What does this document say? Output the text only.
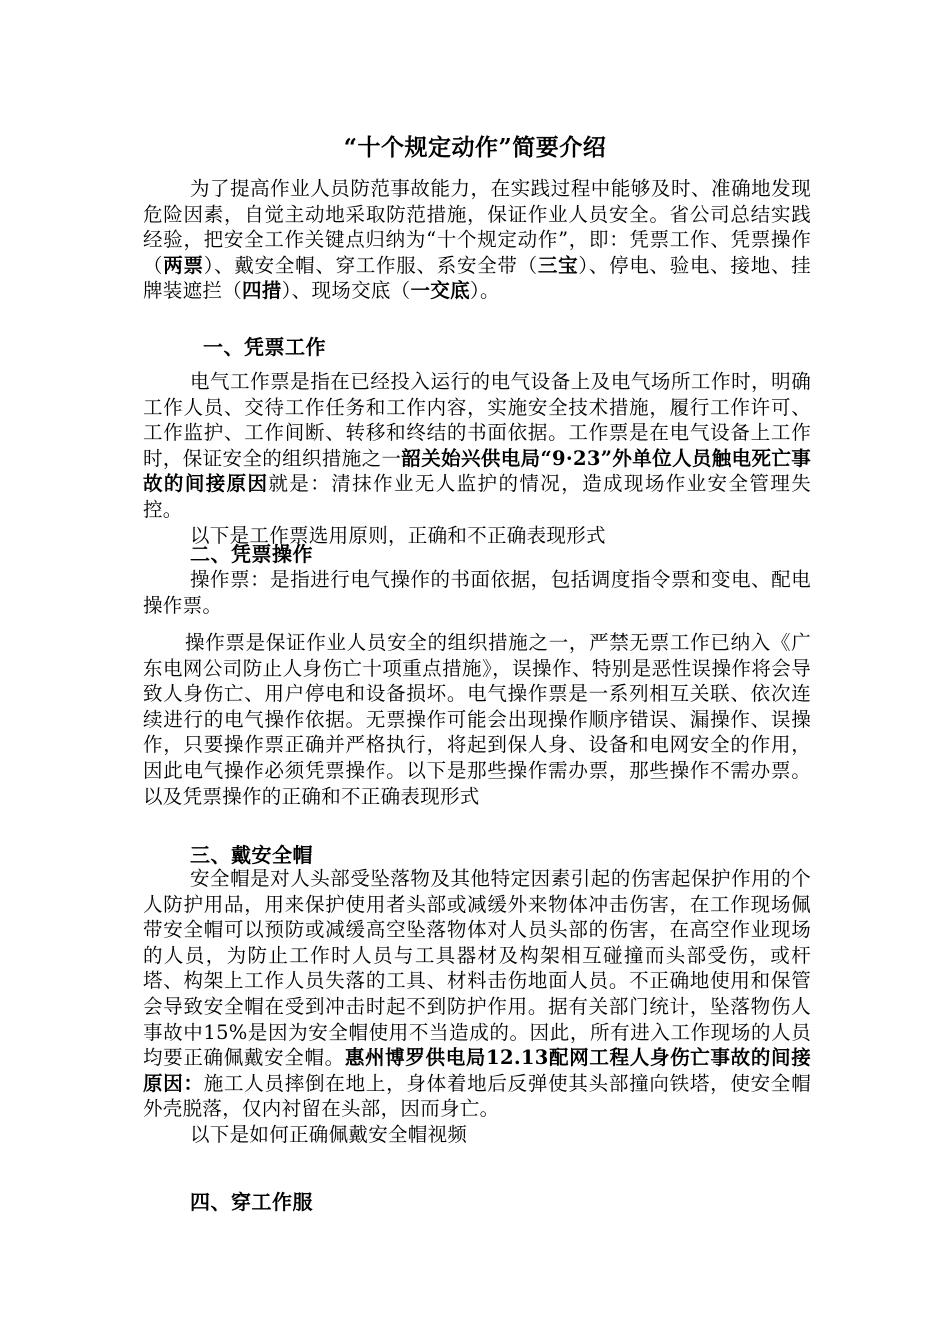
“十个规定动作”简要介绍

为了提高作业人员防范事故能力，在实践过程中能够及时、准确地发现危险因素，自觉主动地采取防范措施，保证作业人员安全。省公司总结实践经验，把安全工作关键点归纳为“十个规定动作”，即：凭票工作、凭票操作（两票）、戴安全帽、穿工作服、系安全带（三宝）、停电、验电、接地、挂牌装遮拦（四措）、现场交底（一交底）。

一、凭票工作

电气工作票是指在已经投入运行的电气设备上及电气场所工作时，明确工作人员、交待工作任务和工作内容，实施安全技术措施，履行工作许可、工作监护、工作间断、转移和终结的书面依据。工作票是在电气设备上工作时，保证安全的组织措施之一韶关始兴供电局“9·23”外单位人员触电死亡事故的间接原因就是：清抹作业无人监护的情况，造成现场作业安全管理失控。

以下是工作票选用原则，正确和不正确表现形式

二、凭票操作

操作票：是指进行电气操作的书面依据，包括调度指令票和变电、配电操作票。

操作票是保证作业人员安全的组织措施之一，严禁无票工作已纳入《广东电网公司防止人身伤亡十项重点措施》，误操作、特别是恶性误操作将会导致人身伤亡、用户停电和设备损坏。电气操作票是一系列相互关联、依次连续进行的电气操作依据。无票操作可能会出现操作顺序错误、漏操作、误操作，只要操作票正确并严格执行，将起到保人身、设备和电网安全的作用，因此电气操作必须凭票操作。以下是那些操作需办票，那些操作不需办票。以及凭票操作的正确和不正确表现形式

三、戴安全帽

安全帽是对人头部受坠落物及其他特定因素引起的伤害起保护作用的个人防护用品，用来保护使用者头部或减缓外来物体冲击伤害，在工作现场佩带安全帽可以预防或减缓高空坠落物体对人员头部的伤害，在高空作业现场的人员，为防止工作时人员与工具器材及构架相互碰撞而头部受伤，或杆塔、构架上工作人员失落的工具、材料击伤地面人员。不正确地使用和保管会导致安全帽在受到冲击时起不到防护作用。据有关部门统计，坠落物伤人事故中15%是因为安全帽使用不当造成的。因此，所有进入工作现场的人员均要正确佩戴安全帽。惠州博罗供电局12.13配网工程人身伤亡事故的间接原因：施工人员摔倒在地上，身体着地后反弹使其头部撞向铁塔，使安全帽外壳脱落，仅内衬留在头部，因而身亡。

以下是如何正确佩戴安全帽视频

四、穿工作服
